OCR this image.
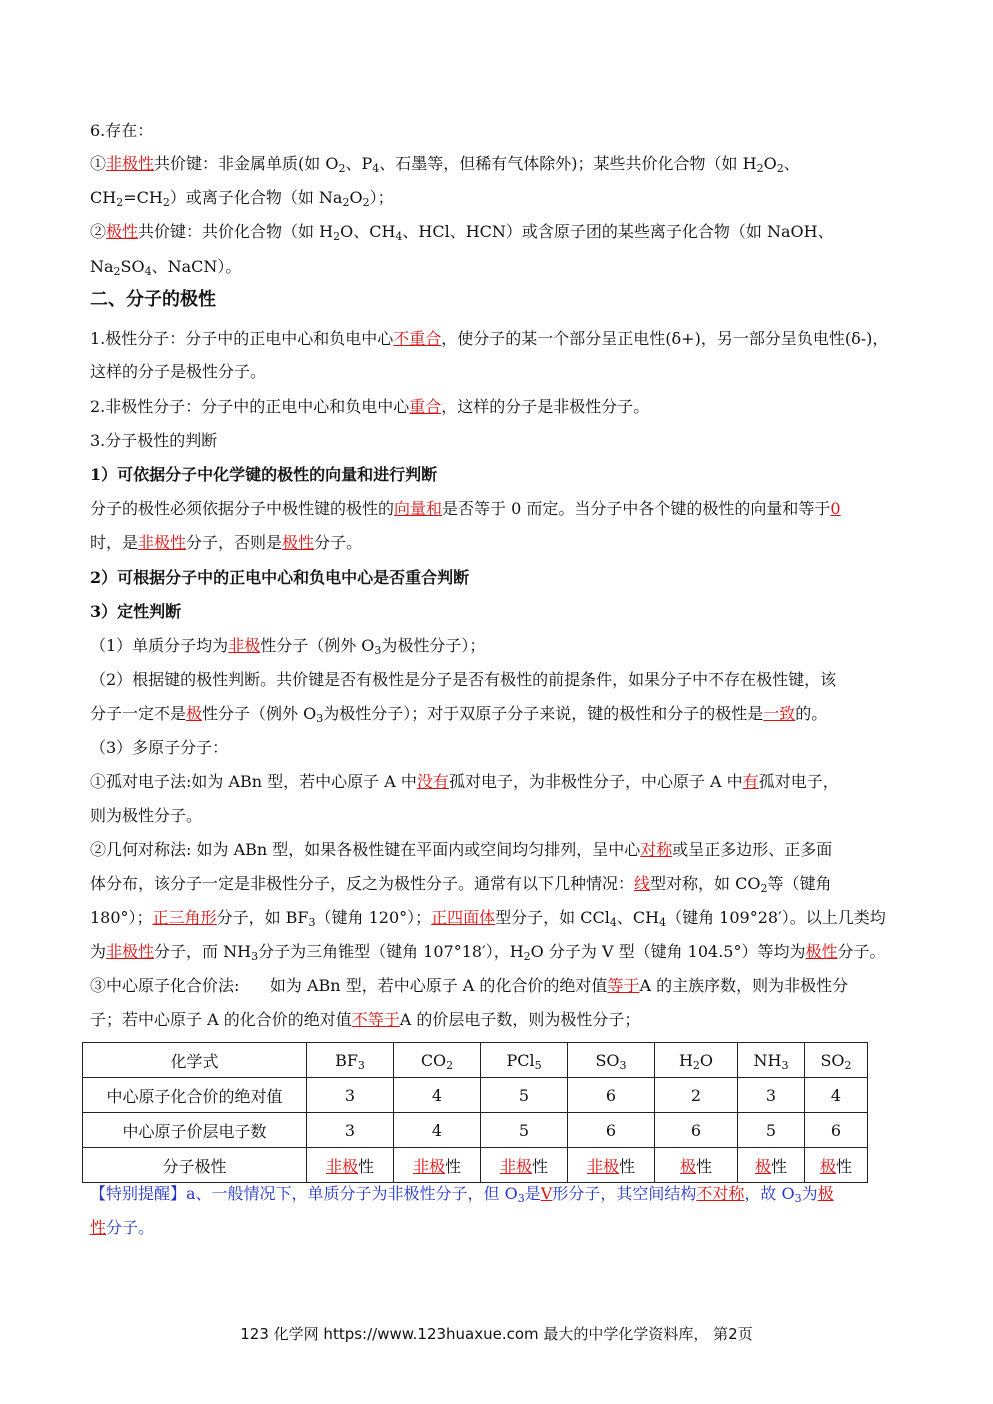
6.存在：
①非极性共价键：非金属单质(如 $O_2$、$P_4$、石墨等，但稀有气体除外)；某些共价化合物（如 $H_2O_2$、
$CH_2=CH_2$）或离子化合物（如 $Na_2O_2$）；
②极性共价键：共价化合物（如 $H_2O$、$CH_4$、HCl、HCN）或含原子团的某些离子化合物（如 NaOH、
$Na_2SO_4$、NaCN）。
二、分子的极性
1.极性分子：分子中的正电中心和负电中心不重合，使分子的某一个部分呈正电性(δ+)，另一部分呈负电性(δ-)，
这样的分子是极性分子。
2.非极性分子：分子中的正电中心和负电中心重合，这样的分子是非极性分子。
3.分子极性的判断
1）可依据分子中化学键的极性的向量和进行判断
分子的极性必须依据分子中极性键的极性的向量和是否等于 0 而定。当分子中各个键的极性的向量和等于0
时，是非极性分子，否则是极性分子。
2）可根据分子中的正电中心和负电中心是否重合判断
3）定性判断
（1）单质分子均为非极性分子（例外 $O_3$为极性分子）；
（2）根据键的极性判断。共价键是否有极性是分子是否有极性的前提条件，如果分子中不存在极性键，该
分子一定不是极性分子（例外 $O_3$为极性分子）；对于双原子分子来说，键的极性和分子的极性是一致的。
（3）多原子分子：
①孤对电子法:如为 ABn 型，若中心原子 A 中没有孤对电子，为非极性分子，中心原子 A 中有孤对电子，
则为极性分子。
②几何对称法: 如为 ABn 型，如果各极性键在平面内或空间均匀排列，呈中心对称或呈正多边形、正多面
体分布，该分子一定是非极性分子，反之为极性分子。通常有以下几种情况：线型对称，如 $CO_2$等（键角
180°）；正三角形分子，如 $BF_3$（键角 120°）；正四面体型分子，如 CCl$_4$、$CH_4$（键角 109°28′）。以上几类均
为非极性分子，而 $NH_3$分子为三角锥型（键角 107°18′），$H_2O$ 分子为 V 型（键角 104.5°）等均为极性分子。
③中心原子化合价法:      如为 ABn 型，若中心原子 A 的化合价的绝对值等于A 的主族序数，则为非极性分
子；若中心原子 A 的化合价的绝对值不等于A 的价层电子数，则为极性分子；
化学式	$BF_3$	$CO_2$	PCl$_5$	$SO_3$	$H_2O$	$NH_3$	$SO_2$
中心原子化合价的绝对值	3	4	5	6	2	3	4
中心原子价层电子数	3	4	5	6	6	5	6
分子极性	非极性	非极性	非极性	非极性	极性	极性	极性
【特别提醒】a、一般情况下，单质分子为非极性分子，但 $O_3$是V形分子，其空间结构不对称，故 $O_3$为极
性分子。
123 化学网 https://www.123huaxue.com 最大的中学化学资料库， 第2页
